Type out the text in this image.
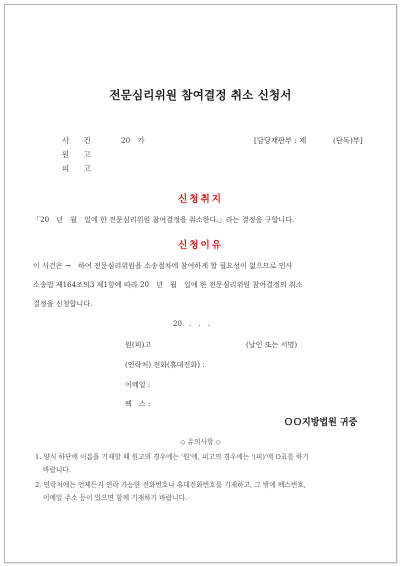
전문심리위원 참여결정 취소 신청서
사　　건	20　가	[담당재판부 : 제	(단독)부]
원　　고
피　　고
신청취지
「20　년　월　일에 한 전문심리위원 참여결정을 취소한다.」라는 결정을 구합니다.
신청이유
이 사건은 →　하여 전문심리위원을 소송절차에 참여하게 할 필요성이 없으므로 민사
소송법 제164조의3 제1항에 따라 20　년　월　일에 한 전문심리위원 참여결정의 취소
결정을 신청합니다.
20　.　.　.
원(피)고	(날인 또는 서명)
(연락처) 전화(휴대전화) :
이메일 :
팩　스 :
ＯＯ지방법원 귀중
◇ 유의사항 ◇
1. 양식 하단에 이름을 기재할 때 원고의 경우에는 '원'에, 피고의 경우에는 '(피)'에 O표를 하기
바랍니다.
2. 연락처에는 언제든지 연락 가능한 전화번호나 휴대전화번호를 기재하고, 그 밖에 팩스번호,
이메일 주소 등이 있으면 함께 기재하기 바랍니다.
